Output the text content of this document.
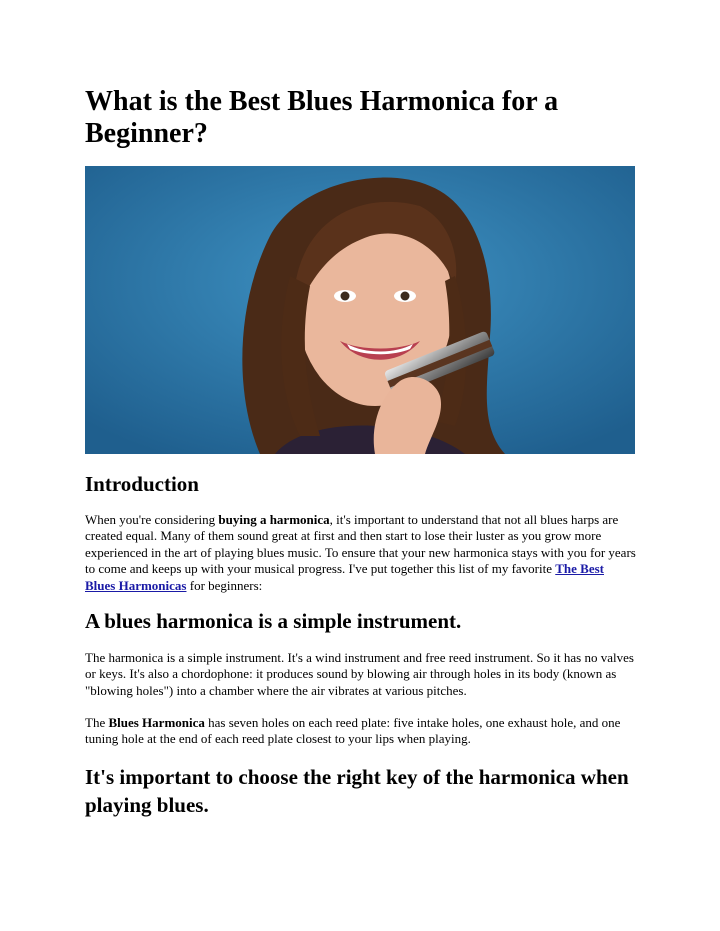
What is the Best Blues Harmonica for a Beginner?
Introduction

When you're considering buying a harmonica, it's important to understand that not all blues harps are created equal. Many of them sound great at first and then start to lose their luster as you grow more experienced in the art of playing blues music. To ensure that your new harmonica stays with you for years to come and keeps up with your musical progress. I've put together this list of my favorite The Best Blues Harmonicas for beginners:

A blues harmonica is a simple instrument.

The harmonica is a simple instrument. It's a wind instrument and free reed instrument. So it has no valves or keys. It's also a chordophone: it produces sound by blowing air through holes in its body (known as "blowing holes") into a chamber where the air vibrates at various pitches.

The Blues Harmonica has seven holes on each reed plate: five intake holes, one exhaust hole, and one tuning hole at the end of each reed plate closest to your lips when playing.

It's important to choose the right key of the harmonica when playing blues.
